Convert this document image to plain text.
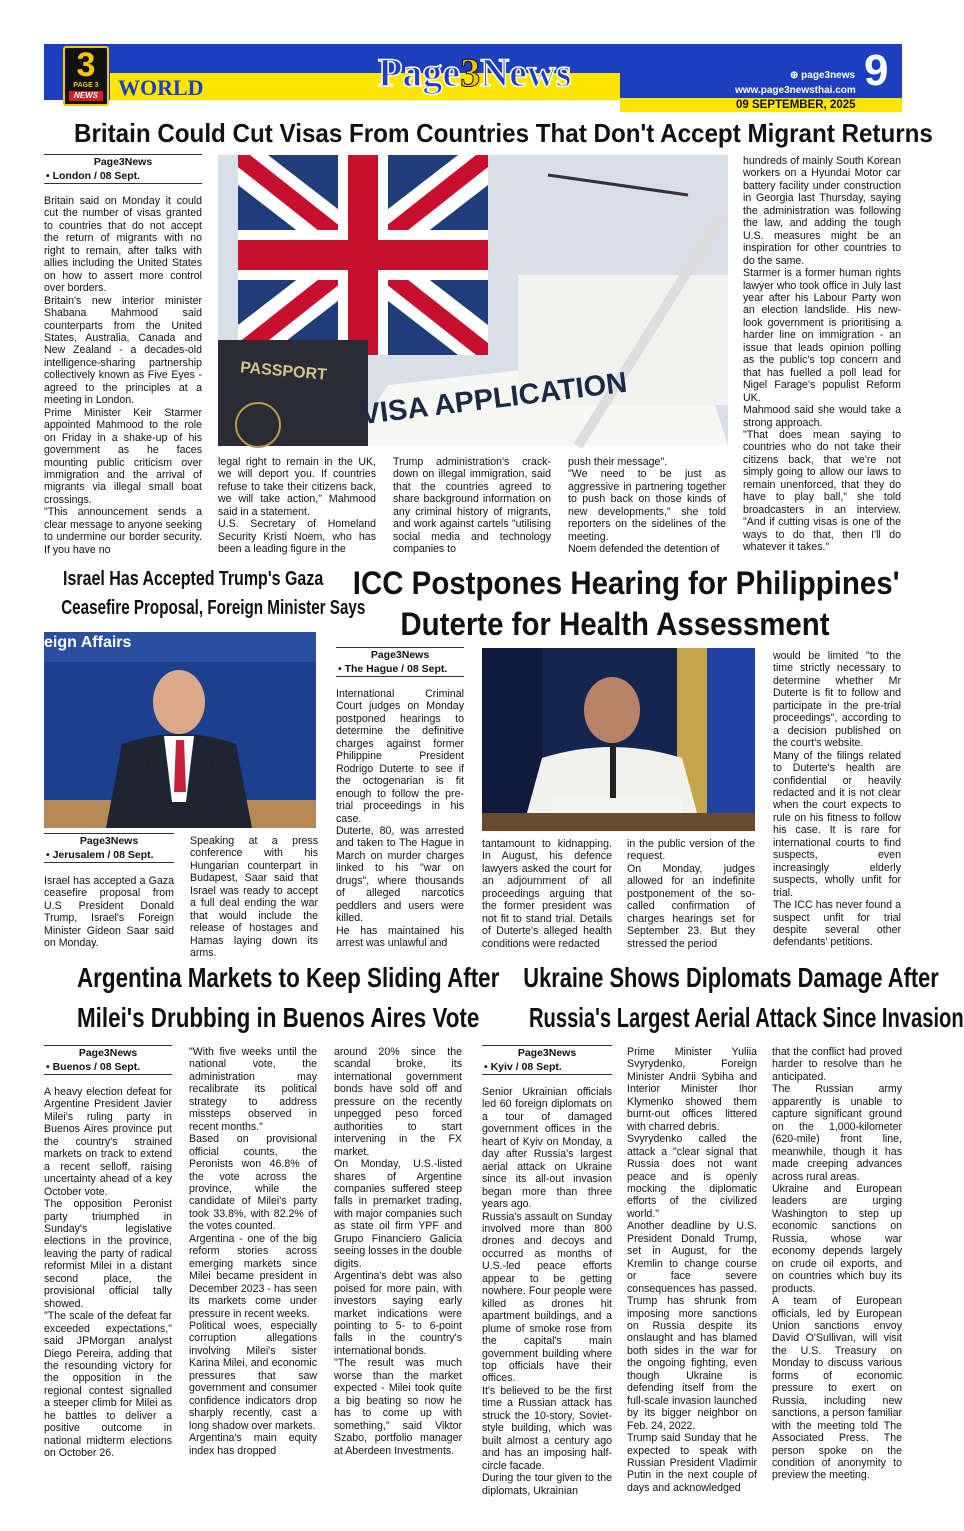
3
PAGE 3
NEWS WORLD	Page3News	⊕ page3news
www.page3newsthai.com 9
09 SEPTEMBER, 2025
Britain Could Cut Visas From Countries That Don't Accept Migrant Returns
PASSPORT VISA APPLICATION
Page3News
• London / 08 Sept.

Britain said on Monday it could cut the number of visas granted to countries that do not accept the return of migrants with no right to remain, after talks with allies including the United States on how to assert more control over borders.

Britain's new interior minister Shabana Mahmood said counterparts from the United States, Australia, Canada and New Zealand - a decades-old intelligence-sharing partnership collectively known as Five Eyes - agreed to the principles at a meeting in London.

Prime Minister Keir Starmer appointed Mahmood to the role on Friday in a shake-up of his government as he faces mounting public criticism over immigration and the arrival of migrants via illegal small boat crossings.

"This announcement sends a clear message to anyone seeking to undermine our border security. If you have no

legal right to remain in the UK, we will deport you. If countries refuse to take their citizens back, we will take action," Mahmood said in a statement.

U.S. Secretary of Homeland Security Kristi Noem, who has been a leading figure in the

Trump administration's crack-down on illegal immigration, said that the countries agreed to share background information on any criminal history of migrants, and work against cartels "utilising social media and technology companies to

push their message".

"We need to be just as aggressive in partnering together to push back on those kinds of new developments," she told reporters on the sidelines of the meeting.

Noem defended the detention of

hundreds of mainly South Korean workers on a Hyundai Motor car battery facility under construction in Georgia last Thursday, saying the administration was following the law, and adding the tough U.S. measures might be an inspiration for other countries to do the same.

Starmer is a former human rights lawyer who took office in July last year after his Labour Party won an election landslide. His new-look government is prioritising a harder line on immigration - an issue that leads opinion polling as the public's top concern and that has fuelled a poll lead for Nigel Farage's populist Reform UK.

Mahmood said she would take a strong approach.

"That does mean saying to countries who do not take their citizens back, that we're not simply going to allow our laws to remain unenforced, that they do have to play ball," she told broadcasters in an interview. "And if cutting visas is one of the ways to do that, then I'll do whatever it takes."

Israel Has Accepted Trump's Gaza
Ceasefire Proposal, Foreign Minister Says
eign Affairs
Page3News
• Jerusalem / 08 Sept.

Israel has accepted a Gaza ceasefire proposal from U.S President Donald Trump, Israel's Foreign Minister Gideon Saar said on Monday.

Speaking at a press conference with his Hungarian counterpart in Budapest, Saar said that Israel was ready to accept a full deal ending the war that would include the release of hostages and Hamas laying down its arms.

ICC Postpones Hearing for Philippines'
Duterte for Health Assessment
Page3News
• The Hague / 08 Sept.

International Criminal Court judges on Monday postponed hearings to determine the definitive charges against former Philippine President Rodrigo Duterte to see if the octogenarian is fit enough to follow the pre-trial proceedings in his case.

Duterte, 80, was arrested and taken to The Hague in March on murder charges linked to his "war on drugs", where thousands of alleged narcotics peddlers and users were killed.

He has maintained his arrest was unlawful and

tantamount to kidnapping. In August, his defence lawyers asked the court for an adjournment of all proceedings arguing that the former president was not fit to stand trial. Details of Duterte's alleged health conditions were redacted

in the public version of the request.

On Monday, judges allowed for an indefinite postponement of the so-called confirmation of charges hearings set for September 23. But they stressed the period

would be limited "to the time strictly necessary to determine whether Mr Duterte is fit to follow and participate in the pre-trial proceedings", according to a decision published on the court's website.

Many of the filings related to Duterte's health are confidential or heavily redacted and it is not clear when the court expects to rule on his fitness to follow his case. It is rare for international courts to find suspects, even increasingly elderly suspects, wholly unfit for trial.

The ICC has never found a suspect unfit for trial despite several other defendants' petitions.

Argentina Markets to Keep Sliding After
Milei's Drubbing in Buenos Aires Vote
Page3News
• Buenos / 08 Sept.

A heavy election defeat for Argentine President Javier Milei's ruling party in Buenos Aires province put the country's strained markets on track to extend a recent selloff, raising uncertainty ahead of a key October vote.

The opposition Peronist party triumphed in Sunday's legislative elections in the province, leaving the party of radical reformist Milei in a distant second place, the provisional official tally showed.

"The scale of the defeat far exceeded expectations," said JPMorgan analyst Diego Pereira, adding that the resounding victory for the opposition in the regional contest signalled a steeper climb for Milei as he battles to deliver a positive outcome in national midterm elections on October 26.

"With five weeks until the national vote, the administration may recalibrate its political strategy to address missteps observed in recent months."

Based on provisional official counts, the Peronists won 46.8% of the vote across the province, while the candidate of Milei's party took 33.8%, with 82.2% of the votes counted.

Argentina - one of the big reform stories across emerging markets since Milei became president in December 2023 - has seen its markets come under pressure in recent weeks.

Political woes, especially corruption allegations involving Milei's sister Karina Milei, and economic pressures that saw government and consumer confidence indicators drop sharply recently, cast a long shadow over markets.

Argentina's main equity index has dropped

around 20% since the scandal broke, its international government bonds have sold off and pressure on the recently unpegged peso forced authorities to start intervening in the FX market.

On Monday, U.S.-listed shares of Argentine companies suffered steep falls in premarket trading, with major companies such as state oil firm YPF and Grupo Financiero Galicia seeing losses in the double digits.

Argentina's debt was also poised for more pain, with investors saying early market indications were pointing to 5- to 6-point falls in the country's international bonds.

"The result was much worse than the market expected - Milei took quite a big beating so now he has to come up with something," said Viktor Szabo, portfolio manager at Aberdeen Investments.

Ukraine Shows Diplomats Damage After
Russia's Largest Aerial Attack Since Invasion
Page3News
• Kyiv / 08 Sept.

Senior Ukrainian officials led 60 foreign diplomats on a tour of damaged government offices in the heart of Kyiv on Monday, a day after Russia's largest aerial attack on Ukraine since its all-out invasion began more than three years ago.

Russia's assault on Sunday involved more than 800 drones and decoys and occurred as months of U.S.-led peace efforts appear to be getting nowhere. Four people were killed as drones hit apartment buildings, and a plume of smoke rose from the capital's main government building where top officials have their offices.

It's believed to be the first time a Russian attack has struck the 10-story, Soviet-style building, which was built almost a century ago and has an imposing half-circle facade.

During the tour given to the diplomats, Ukrainian

Prime Minister Yuliia Svyrydenko, Foreign Minister Andrii Sybiha and Interior Minister Ihor Klymenko showed them burnt-out offices littered with charred debris.

Svyrydenko called the attack a "clear signal that Russia does not want peace and is openly mocking the diplomatic efforts of the civilized world."

Another deadline by U.S. President Donald Trump, set in August, for the Kremlin to change course or face severe consequences has passed. Trump has shrunk from imposing more sanctions on Russia despite its onslaught and has blamed both sides in the war for the ongoing fighting, even though Ukraine is defending itself from the full-scale invasion launched by its bigger neighbor on Feb. 24, 2022.

Trump said Sunday that he expected to speak with Russian President Vladimir Putin in the next couple of days and acknowledged

that the conflict had proved harder to resolve than he anticipated.

The Russian army apparently is unable to capture significant ground on the 1,000-kilometer (620-mile) front line, meanwhile, though it has made creeping advances across rural areas.

Ukraine and European leaders are urging Washington to step up economic sanctions on Russia, whose war economy depends largely on crude oil exports, and on countries which buy its products.

A team of European officials, led by European Union sanctions envoy David O'Sullivan, will visit the U.S. Treasury on Monday to discuss various forms of economic pressure to exert on Russia, including new sanctions, a person familiar with the meeting told The Associated Press. The person spoke on the condition of anonymity to preview the meeting.
